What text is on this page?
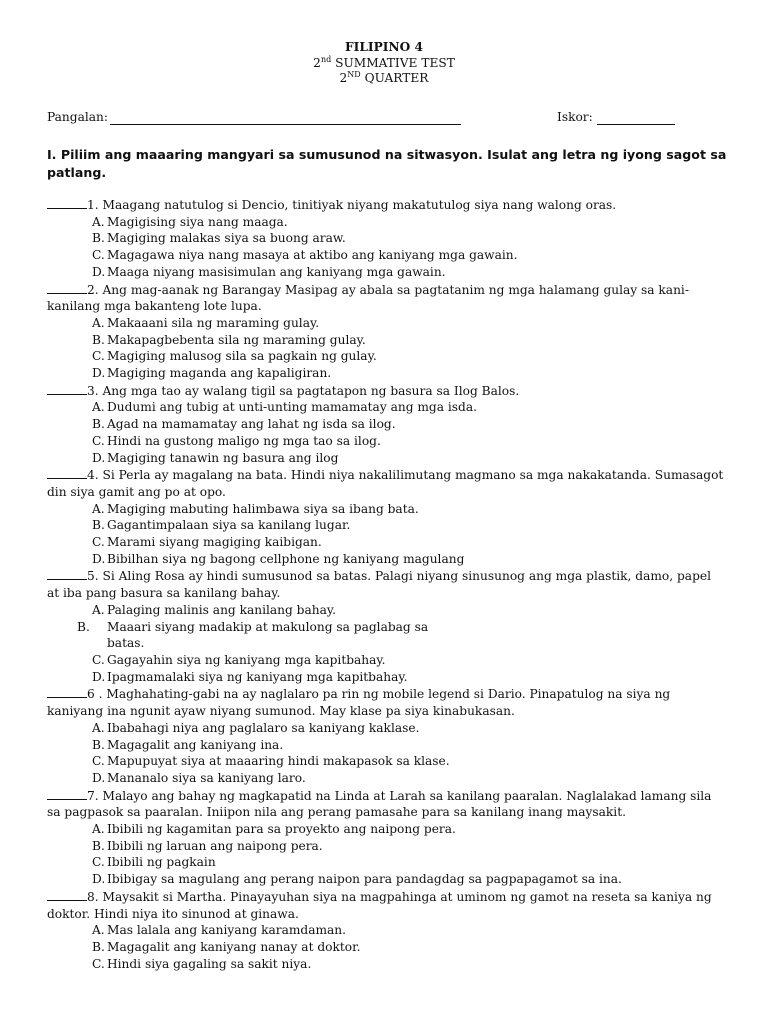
FILIPINO 4
2nd SUMMATIVE TEST
2ND QUARTER
Pangalan:	Iskor:
I. Piliim ang maaaring mangyari sa sumusunod na sitwasyon. Isulat ang letra ng iyong sagot sa patlang.
1. Maagang natutulog si Dencio, tinitiyak niyang makatutulog siya nang walong oras.
A. Magigising siya nang maaga.
B. Magiging malakas siya sa buong araw.
C. Magagawa niya nang masaya at aktibo ang kaniyang mga gawain.
D. Maaga niyang masisimulan ang kaniyang mga gawain.
2. Ang mag-aanak ng Barangay Masipag ay abala sa pagtatanim ng mga halamang gulay sa kani-kanilang mga bakanteng lote lupa.
A. Makaaani sila ng maraming gulay.
B. Makapagbebenta sila ng maraming gulay.
C. Magiging malusog sila sa pagkain ng gulay.
D. Magiging maganda ang kapaligiran.
3. Ang mga tao ay walang tigil sa pagtatapon ng basura sa Ilog Balos.
A. Dudumi ang tubig at unti-unting mamamatay ang mga isda.
B. Agad na mamamatay ang lahat ng isda sa ilog.
C. Hindi na gustong maligo ng mga tao sa ilog.
D. Magiging tanawin ng basura ang ilog
4. Si Perla ay magalang na bata. Hindi niya nakalilimutang magmano sa mga nakakatanda. Sumasagot din siya gamit ang po at opo.
A. Magiging mabuting halimbawa siya sa ibang bata.
B. Gagantimpalaan siya sa kanilang lugar.
C. Marami siyang magiging kaibigan.
D. Bibilhan siya ng bagong cellphone ng kaniyang magulang
5. Si Aling Rosa ay hindi sumusunod sa batas. Palagi niyang sinusunog ang mga plastik, damo, papel at iba pang basura sa kanilang bahay.
A. Palaging malinis ang kanilang bahay.
B. Maaari siyang madakip at makulong sa paglabag sa batas.
C. Gagayahin siya ng kaniyang mga kapitbahay.
D. Ipagmamalaki siya ng kaniyang mga kapitbahay.
6 . Maghahating-gabi na ay naglalaro pa rin ng mobile legend si Dario. Pinapatulog na siya ng kaniyang ina ngunit ayaw niyang sumunod. May klase pa siya kinabukasan.
A. Ibabahagi niya ang paglalaro sa kaniyang kaklase.
B. Magagalit ang kaniyang ina.
C. Mapupuyat siya at maaaring hindi makapasok sa klase.
D. Mananalo siya sa kaniyang laro.
7. Malayo ang bahay ng magkapatid na Linda at Larah sa kanilang paaralan. Naglalakad lamang sila sa pagpasok sa paaralan. Iniipon nila ang perang pamasahe para sa kanilang inang maysakit.
A. Ibibili ng kagamitan para sa proyekto ang naipong pera.
B. Ibibili ng laruan ang naipong pera.
C. Ibibili ng pagkain
D. Ibibigay sa magulang ang perang naipon para pandagdag sa pagpapagamot sa ina.
8. Maysakit si Martha. Pinayayuhan siya na magpahinga at uminom ng gamot na reseta sa kaniya ng doktor. Hindi niya ito sinunod at ginawa.
A. Mas lalala ang kaniyang karamdaman.
B. Magagalit ang kaniyang nanay at doktor.
C. Hindi siya gagaling sa sakit niya.
